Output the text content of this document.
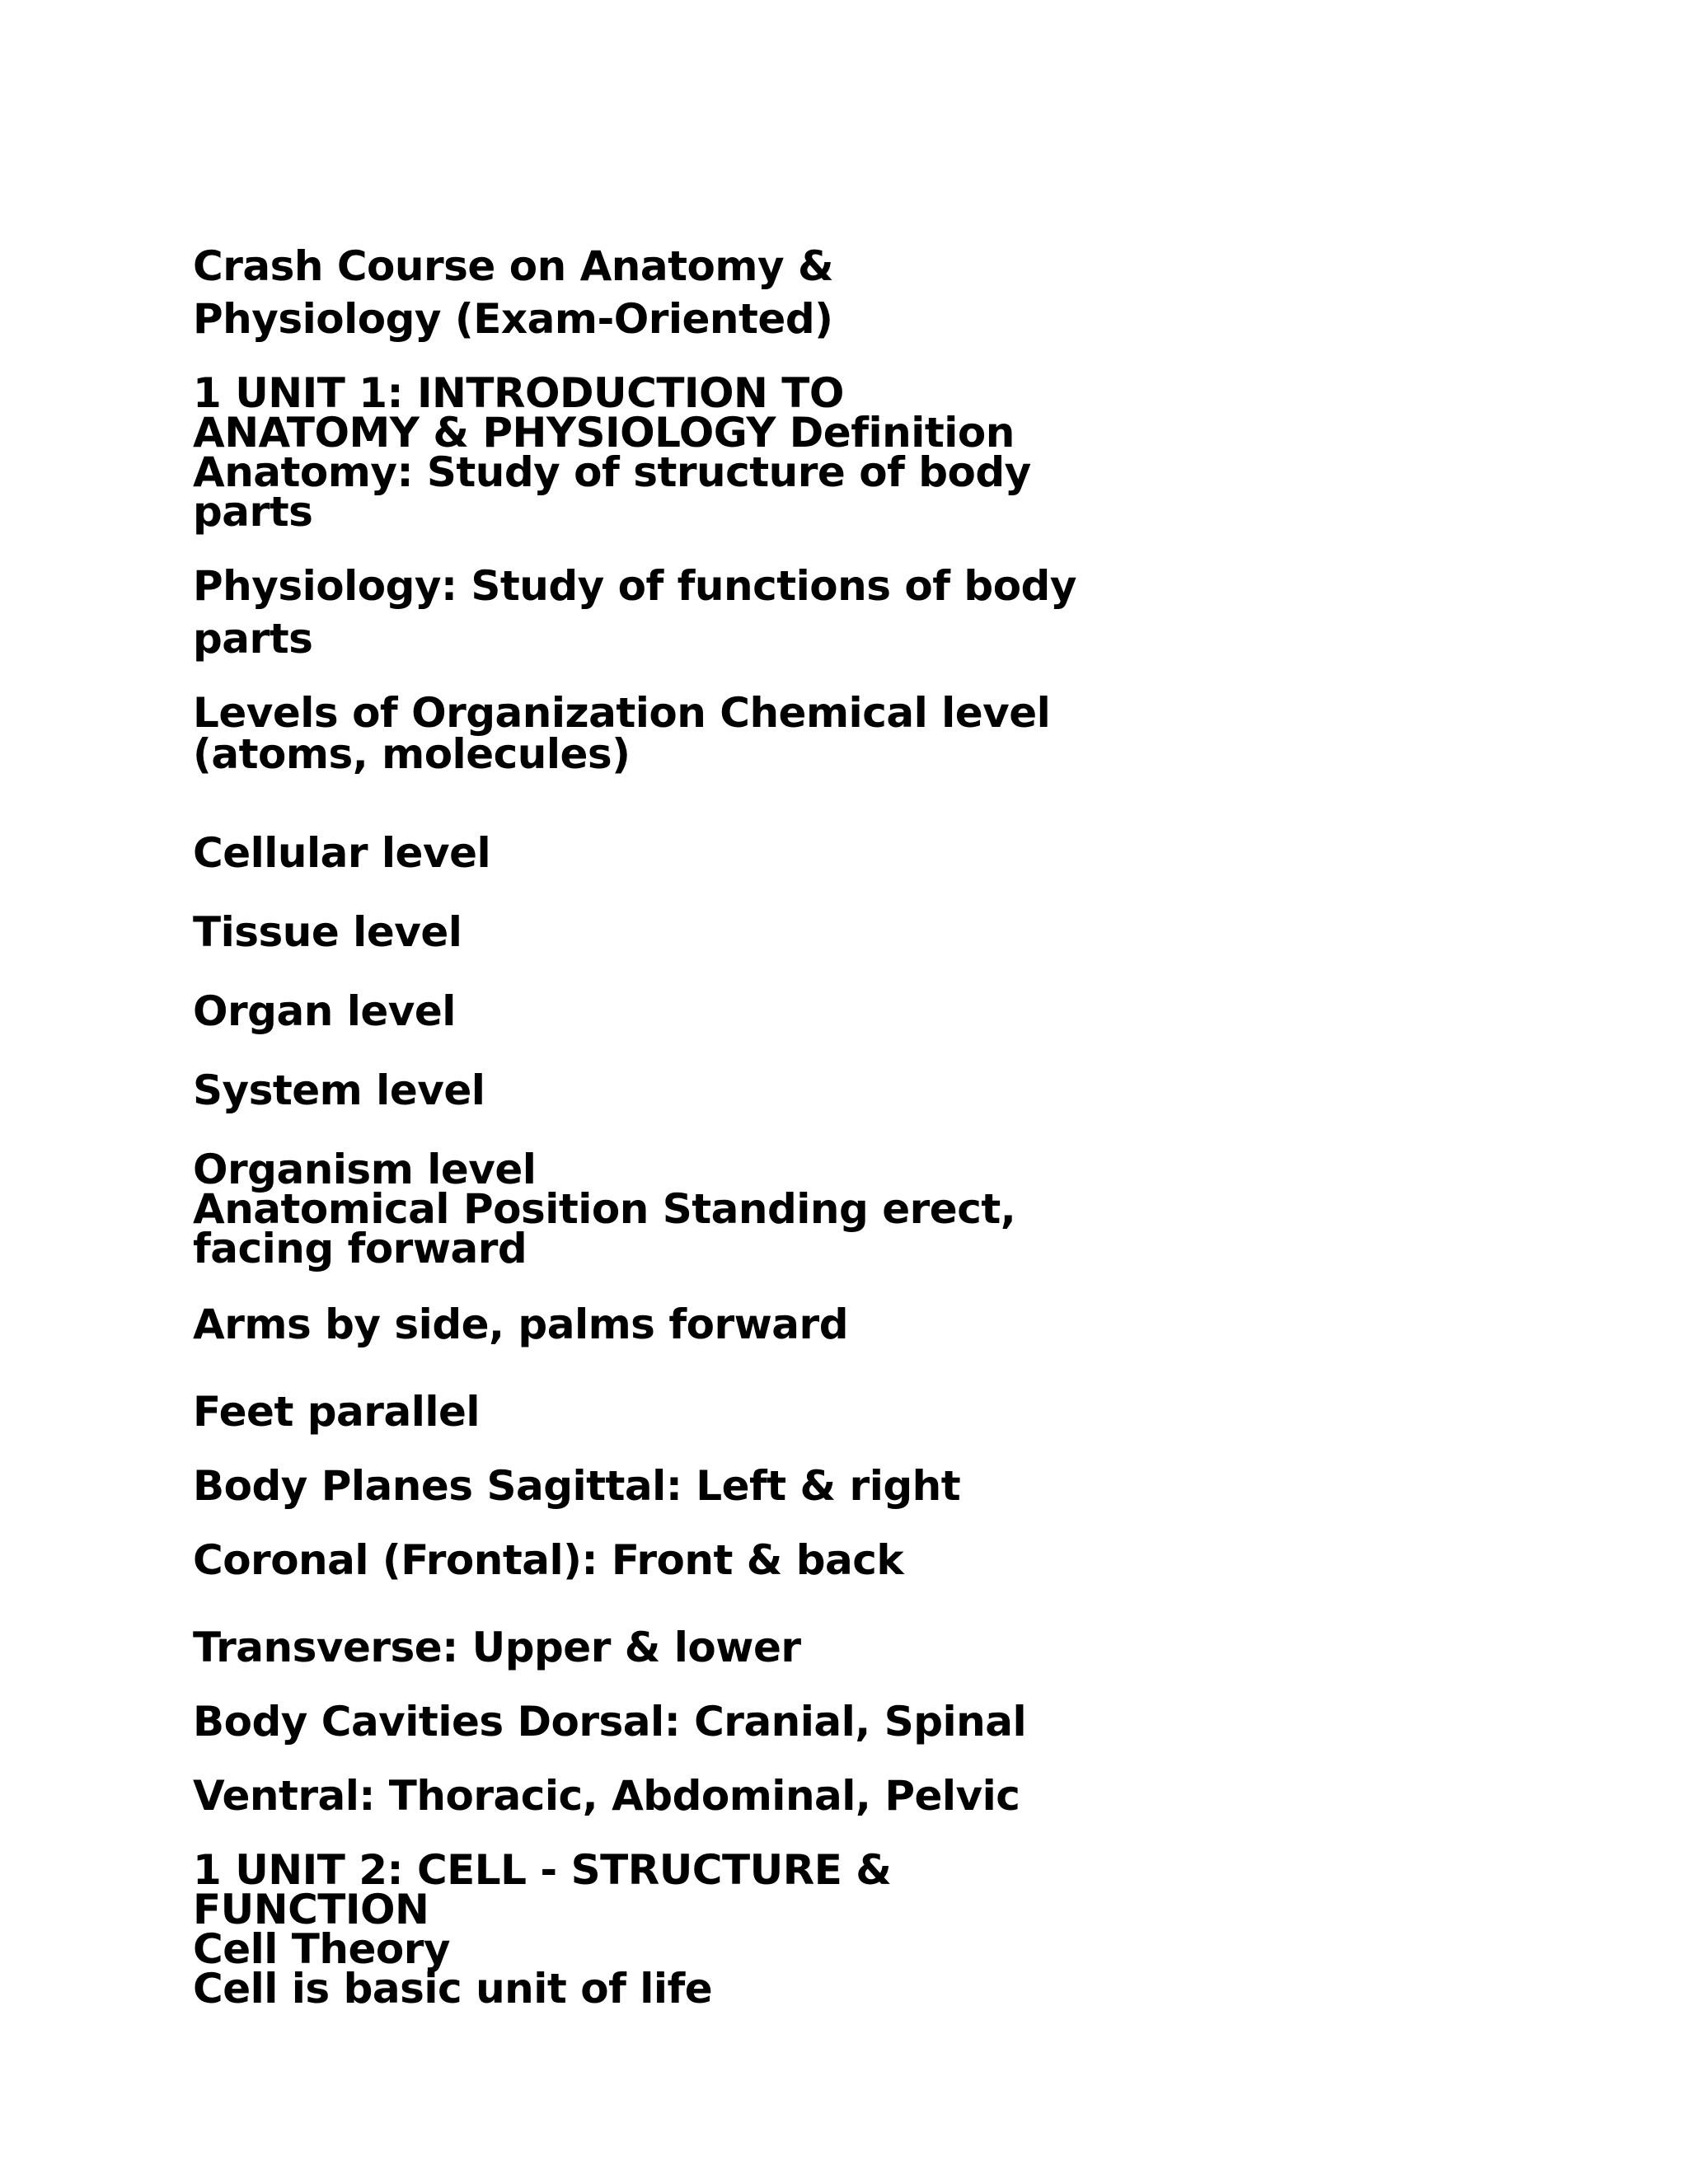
Crash Course on Anatomy &

Physiology (Exam-Oriented)

1 UNIT 1: INTRODUCTION TO

ANATOMY & PHYSIOLOGY Definition

Anatomy: Study of structure of body

parts

Physiology: Study of functions of body

parts

Levels of Organization Chemical level

(atoms, molecules)

Cellular level

Tissue level

Organ level

System level

Organism level

Anatomical Position Standing erect,

facing forward

Arms by side, palms forward

Feet parallel

Body Planes Sagittal: Left & right

Coronal (Frontal): Front & back

Transverse: Upper & lower

Body Cavities Dorsal: Cranial, Spinal

Ventral: Thoracic, Abdominal, Pelvic

1 UNIT 2: CELL - STRUCTURE &

FUNCTION

Cell Theory

Cell is basic unit of life
